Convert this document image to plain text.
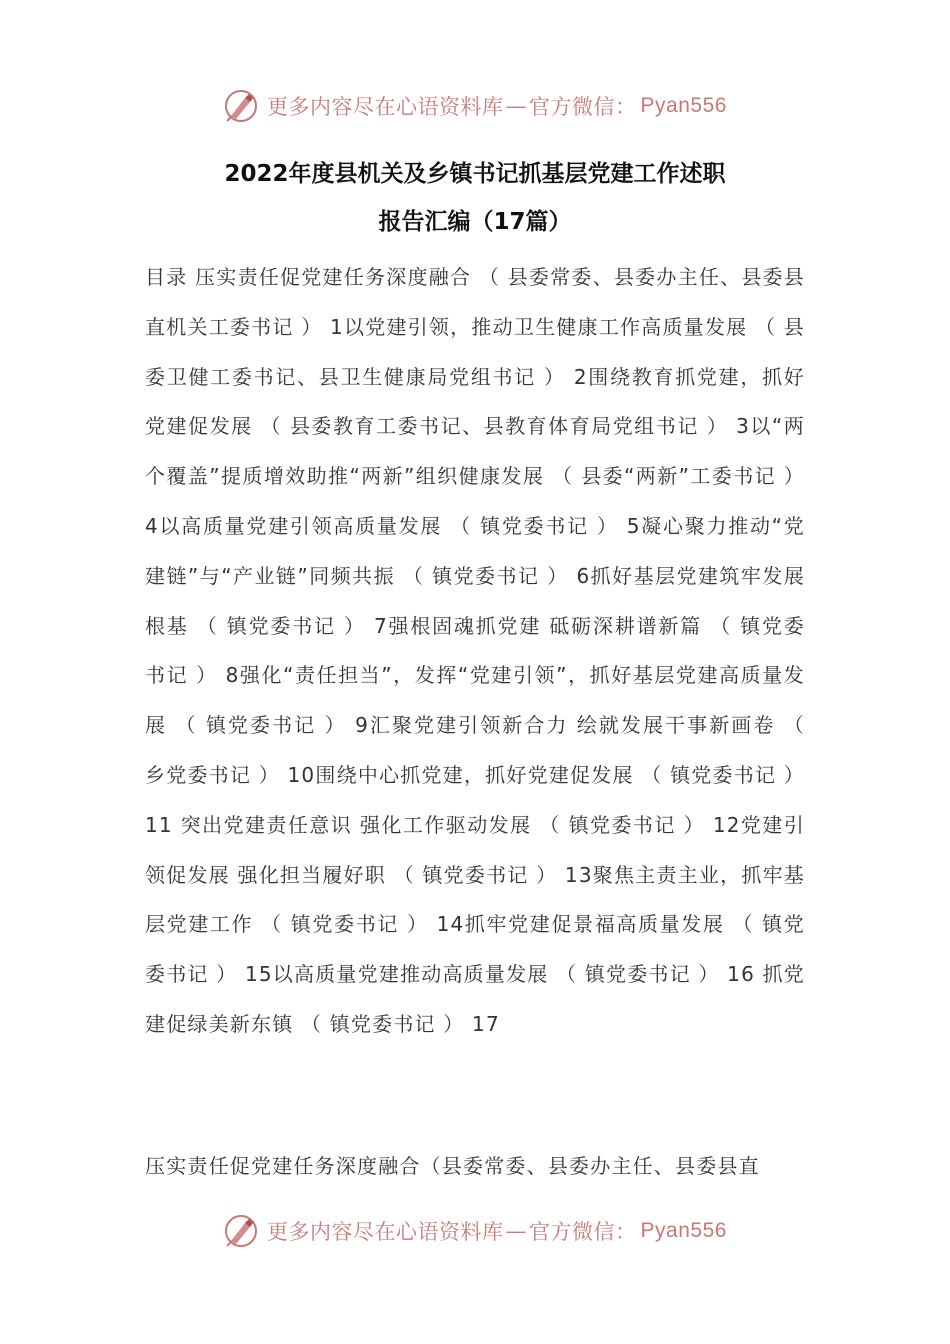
更多内容尽在心语资料库 — 官方微信： Pyan556
2022年度县机关及乡镇书记抓基层党建工作述职
报告汇编（17篇）

目录 压实责任促党建任务深度融合 （ 县委常委、县委办主任、县委县直机关工委书记 ） 1以党建引领，推动卫生健康工作高质量发展 （ 县委卫健工委书记、县卫生健康局党组书记 ） 2围绕教育抓党建，抓好党建促发展 （ 县委教育工委书记、县教育体育局党组书记 ） 3以“两个覆盖”提质增效助推“两新”组织健康发展 （ 县委“两新”工委书记 ） 4以高质量党建引领高质量发展 （ 镇党委书记 ） 5凝心聚力推动“党建链”与“产业链”同频共振 （ 镇党委书记 ） 6抓好基层党建筑牢发展根基 （ 镇党委书记 ） 7强根固魂抓党建 砥砺深耕谱新篇 （ 镇党委书记 ） 8强化“责任担当”，发挥“党建引领”，抓好基层党建高质量发展 （ 镇党委书记 ） 9汇聚党建引领新合力 绘就发展干事新画卷 （ 乡党委书记 ） 10围绕中心抓党建，抓好党建促发展 （ 镇党委书记 ） 11 突出党建责任意识 强化工作驱动发展 （ 镇党委书记 ） 12党建引领促发展 强化担当履好职 （ 镇党委书记 ） 13聚焦主责主业，抓牢基层党建工作 （ 镇党委书记 ） 14抓牢党建促景福高质量发展 （ 镇党委书记 ） 15以高质量党建推动高质量发展 （ 镇党委书记 ） 16 抓党建促绿美新东镇 （ 镇党委书记 ） 17

压实责任促党建任务深度融合（县委常委、县委办主任、县委县直

更多内容尽在心语资料库 — 官方微信： Pyan556
